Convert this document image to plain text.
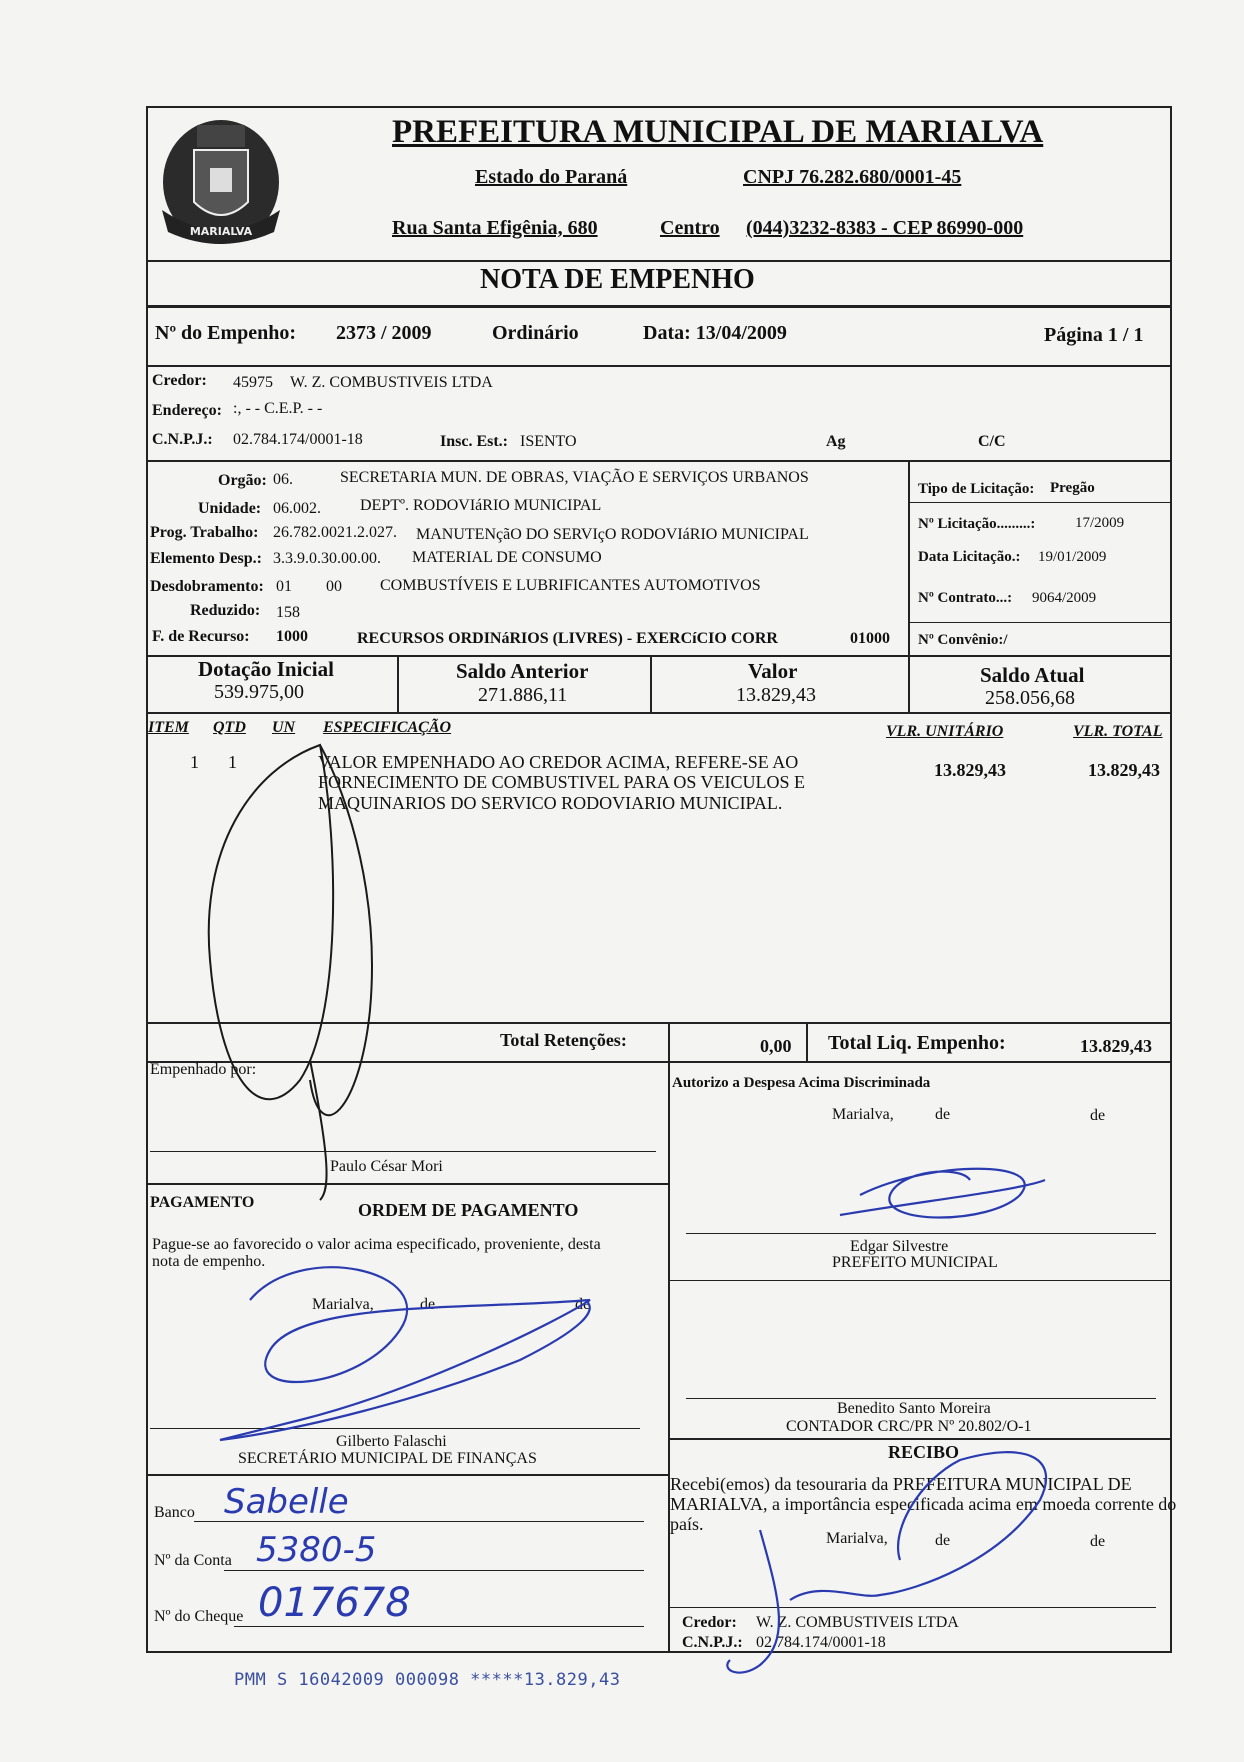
MARIALVA
PREFEITURA MUNICIPAL DE MARIALVA
Estado do Paraná	CNPJ 76.282.680/0001-45
Rua Santa Efigênia, 680	Centro (044)3232-8383 - CEP 86990-000
NOTA DE EMPENHO
Nº do Empenho: 2373 / 2009	Ordinário	Data: 13/04/2009	Página 1 / 1
Credor: 45975 W. Z. COMBUSTIVEIS LTDA
Endereço: :, - - C.E.P. - -
C.N.P.J.: 02.784.174/0001-18	Insc. Est.: ISENTO	Ag	C/C
Orgão: 06.	SECRETARIA MUN. DE OBRAS, VIAÇÃO E SERVIÇOS URBANOS
Unidade: 06.002. DEPTº. RODOVIáRIO MUNICIPAL
Prog. Trabalho: 26.782.0021.2.027. MANUTENçãO DO SERVIçO RODOVIáRIO MUNICIPAL
Elemento Desp.: 3.3.9.0.30.00.00. MATERIAL DE CONSUMO
Desdobramento: 01 00 COMBUSTÍVEIS E LUBRIFICANTES AUTOMOTIVOS
Reduzido: 158
F. de Recurso: 1000	RECURSOS ORDINáRIOS (LIVRES) - EXERCíCIO CORR	01000
Tipo de Licitação: Pregão
Nº Licitação.........:	17/2009
Data Licitação.: 19/01/2009
Nº Contrato...: 9064/2009
Nº Convênio:/
Dotação Inicial
539.975,00
Saldo Anterior
271.886,11
Valor
13.829,43
Saldo Atual
258.056,68
ITEM QTD UN ESPECIFICAÇÃO	VLR. UNITÁRIO	VLR. TOTAL
1 1	VALOR EMPENHADO AO CREDOR ACIMA, REFERE-SE AO
FORNECIMENTO DE COMBUSTIVEL PARA OS VEICULOS E
MAQUINARIOS DO SERVICO RODOVIARIO MUNICIPAL.
13.829,43	13.829,43
Total Retenções:	0,00 Total Liq. Empenho:	13.829,43
Empenhado por:
Paulo César Mori
Autorizo a Despesa Acima Discriminada
Marialva,	de	de
Edgar Silvestre
PREFEITO MUNICIPAL
PAGAMENTO	ORDEM DE PAGAMENTO
Pague-se ao favorecido o valor acima especificado, proveniente, desta
nota de empenho.
Marialva,	de	de
Gilberto Falaschi
SECRETÁRIO MUNICIPAL DE FINANÇAS
Banco Sabelle
Nº da Conta 5380-5
Nº do Cheque 017678
Benedito Santo Moreira
CONTADOR CRC/PR Nº 20.802/O-1
RECIBO
Recebi(emos) da tesouraria da PREFEITURA MUNICIPAL DE
MARIALVA, a importância especificada acima em moeda corrente do
país.
Marialva,	de	de
Credor: W. Z. COMBUSTIVEIS LTDA
C.N.P.J.: 02.784.174/0001-18
PMM S 16042009 000098 *****13.829,43
